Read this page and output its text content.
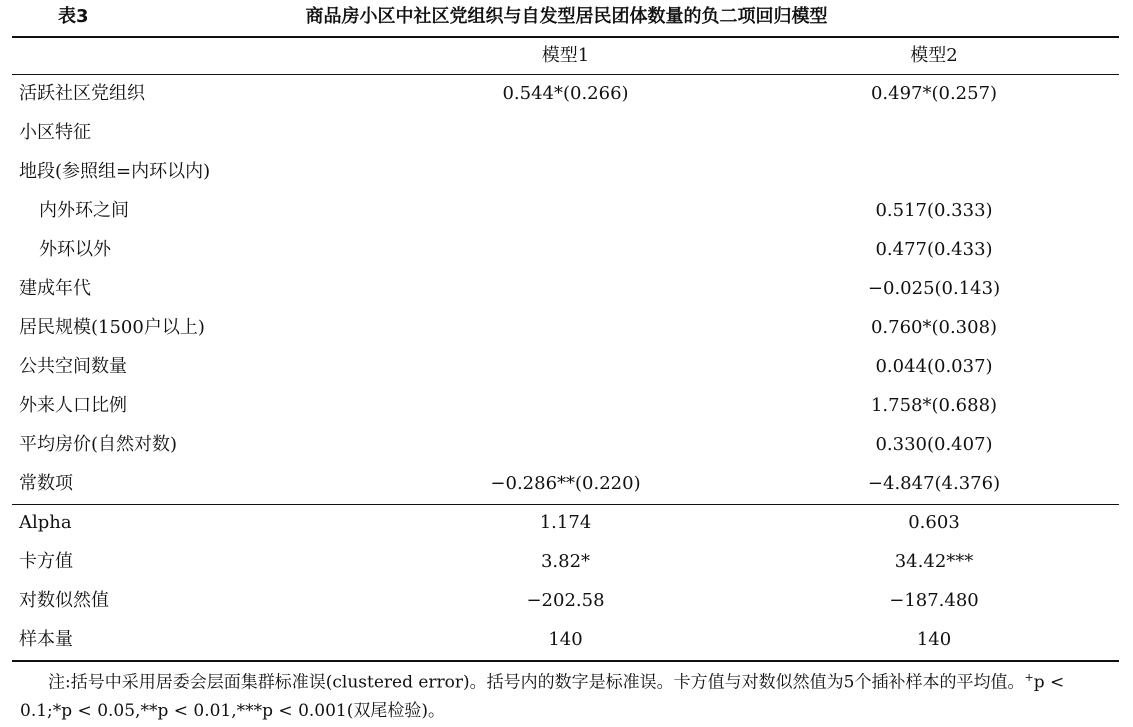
表3	商品房小区中社区党组织与自发型居民团体数量的负二项回归模型
	模型1	模型2
活跃社区党组织	0.544*(0.266)	0.497*(0.257)
小区特征		
地段(参照组=内环以内)		
内外环之间		0.517(0.333)
外环以外		0.477(0.433)
建成年代		−0.025(0.143)
居民规模(1500户以上)		0.760*(0.308)
公共空间数量		0.044(0.037)
外来人口比例		1.758*(0.688)
平均房价(自然对数)		0.330(0.407)
常数项	−0.286**(0.220)	−4.847(4.376)
Alpha	1.174	0.603
卡方值	3.82*	34.42***
对数似然值	−202.58	−187.480
样本量	140	140
注:括号中采用居委会层面集群标准误(clustered error)。括号内的数字是标准误。卡方值与对数似然值为5个插补样本的平均值。+p < 0.1;*p < 0.05,**p < 0.01,***p < 0.001(双尾检验)。
